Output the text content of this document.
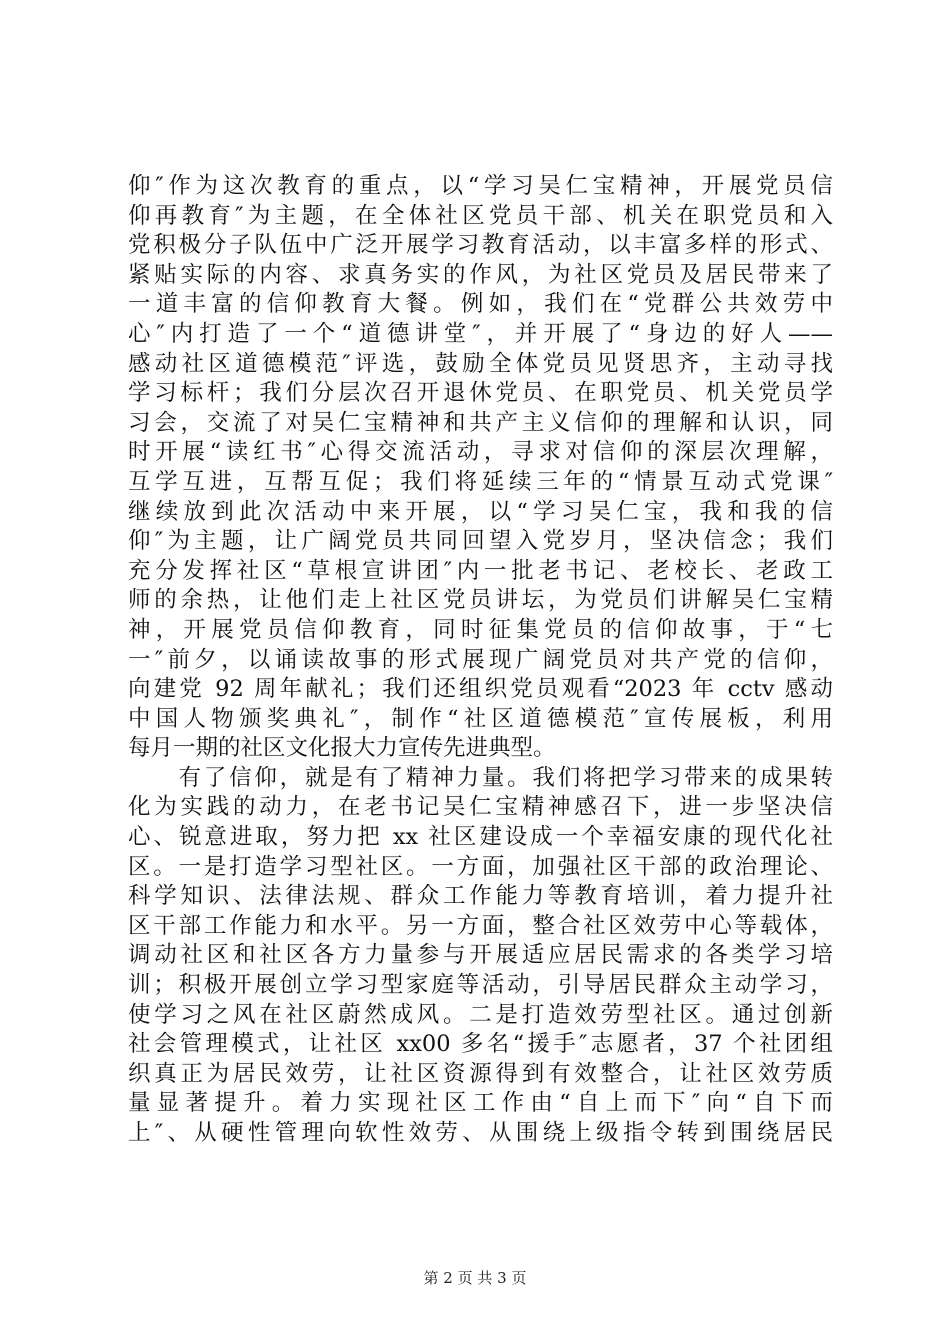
仰″作为这次教育的重点，以“学习吴仁宝精神，开展党员信
仰再教育″为主题，在全体社区党员干部、机关在职党员和入
党积极分子队伍中广泛开展学习教育活动，以丰富多样的形式、
紧贴实际的内容、求真务实的作风，为社区党员及居民带来了
一道丰富的信仰教育大餐。例如，我们在“党群公共效劳中
心″内打造了一个“道德讲堂″，并开展了“身边的好人——
感动社区道德模范″评选，鼓励全体党员见贤思齐，主动寻找
学习标杆；我们分层次召开退休党员、在职党员、机关党员学
习会，交流了对吴仁宝精神和共产主义信仰的理解和认识，同
时开展“读红书″心得交流活动，寻求对信仰的深层次理解，
互学互进，互帮互促；我们将延续三年的“情景互动式党课″
继续放到此次活动中来开展，以“学习吴仁宝，我和我的信
仰″为主题，让广阔党员共同回望入党岁月，坚决信念；我们
充分发挥社区“草根宣讲团″内一批老书记、老校长、老政工
师的余热，让他们走上社区党员讲坛，为党员们讲解吴仁宝精
神，开展党员信仰教育，同时征集党员的信仰故事，于“七
一″前夕，以诵读故事的形式展现广阔党员对共产党的信仰，
向建党 92 周年献礼；我们还组织党员观看“2023 年 cctv 感动
中国人物颁奖典礼″，制作“社区道德模范″宣传展板，利用
每月一期的社区文化报大力宣传先进典型。
　　有了信仰，就是有了精神力量。我们将把学习带来的成果转
化为实践的动力，在老书记吴仁宝精神感召下，进一步坚决信
心、锐意进取，努力把 xx 社区建设成一个幸福安康的现代化社
区。一是打造学习型社区。一方面，加强社区干部的政治理论、
科学知识、法律法规、群众工作能力等教育培训，着力提升社
区干部工作能力和水平。另一方面，整合社区效劳中心等载体，
调动社区和社区各方力量参与开展适应居民需求的各类学习培
训；积极开展创立学习型家庭等活动，引导居民群众主动学习，
使学习之风在社区蔚然成风。二是打造效劳型社区。通过创新
社会管理模式，让社区 xx00 多名“援手″志愿者，37 个社团组
织真正为居民效劳，让社区资源得到有效整合，让社区效劳质
量显著提升。着力实现社区工作由“自上而下″向“自下而
上″、从硬性管理向软性效劳、从围绕上级指令转到围绕居民
第 2 页 共 3 页
